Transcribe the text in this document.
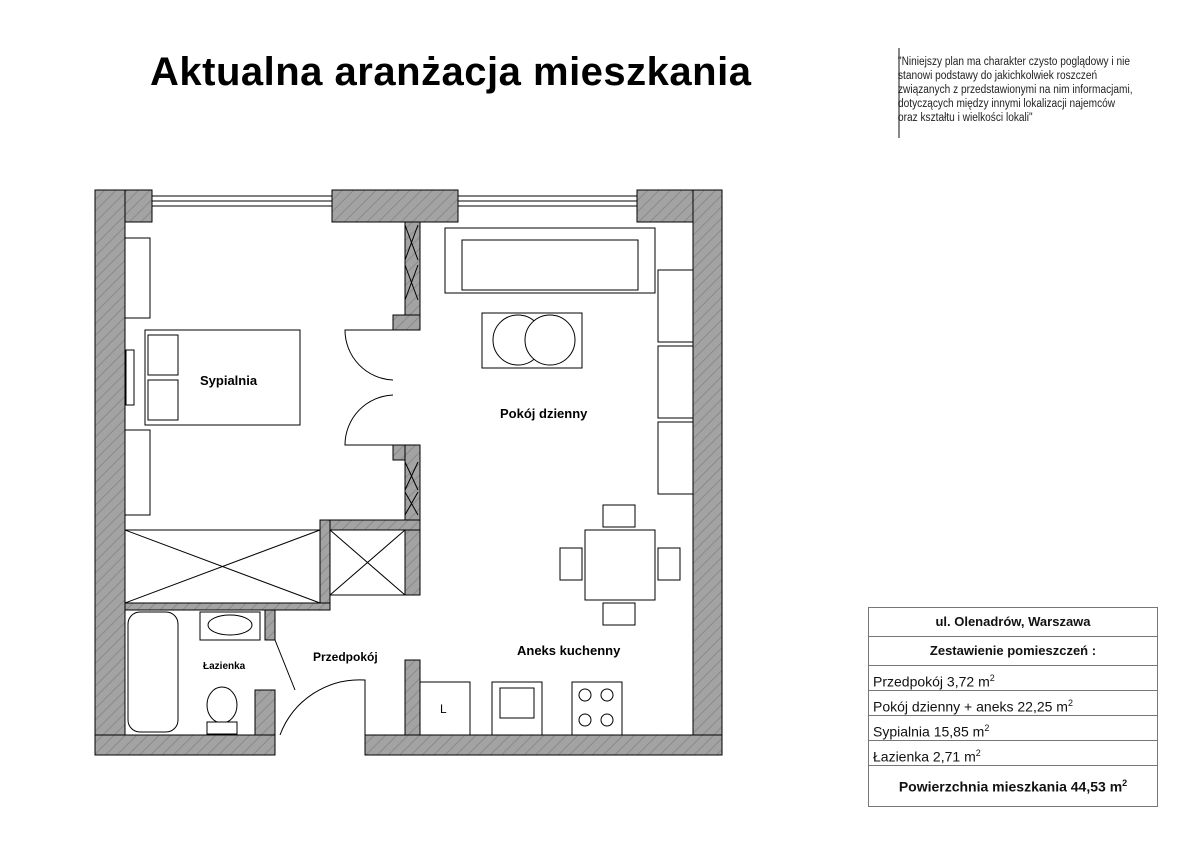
Aktualna aranżacja mieszkania	"Niniejszy plan ma charakter czysto poglądowy i nie stanowi podstawy do jakichkolwiek roszczeń związanych z przedstawionymi na nim informacjami, dotyczących między innymi lokalizacji najemców oraz kształtu i wielkości lokali"
Sypialnia
Pokój dzienny
Aneks kuchenny
Przedpokój
Łazienka
L
ul. Olenadrów, Warszawa
Zestawienie pomieszczeń :
Przedpokój 3,72 $m^2$
Pokój dzienny + aneks 22,25 $m^2$
Sypialnia 15,85 $m^2$
Łazienka 2,71 $m^2$
Powierzchnia mieszkania 44,53 $m^2$
